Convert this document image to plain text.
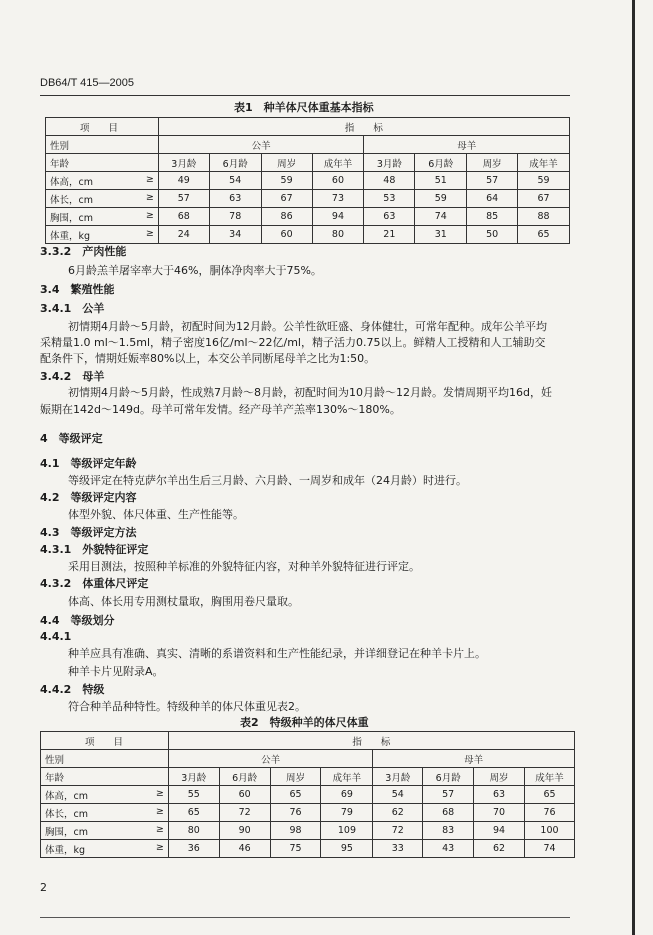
DB64/T 415—2005
表1　种羊体尺体重基本指标
项　　目	指　　标							
性别	公羊				母羊			
年龄	3月龄	6月龄	周岁	成年羊	3月龄	6月龄	周岁	成年羊
体高，cm ≥	49	54	59	60	48	51	57	59
体长，cm ≥	57	63	67	73	53	59	64	67
胸围，cm ≥	68	78	86	94	63	74	85	88
体重，kg ≥	24	34	60	80	21	31	50	65
3.3.2　产肉性能
6月龄羔羊屠宰率大于46%，胴体净肉率大于75%。
3.4　繁殖性能
3.4.1　公羊
初情期4月龄～5月龄，初配时间为12月龄。公羊性欲旺盛、身体健壮，可常年配种。成年公羊平均
采精量1.0 ml～1.5ml，精子密度16亿/ml～22亿/ml，精子活力0.75以上。鲜精人工授精和人工辅助交
配条件下，情期妊娠率80%以上，本交公羊同断尾母羊之比为1:50。
3.4.2　母羊
初情期4月龄～5月龄，性成熟7月龄～8月龄，初配时间为10月龄～12月龄。发情周期平均16d，妊
娠期在142d～149d。母羊可常年发情。经产母羊产羔率130%～180%。
4　等级评定
4.1　等级评定年龄
等级评定在特克萨尔羊出生后三月龄、六月龄、一周岁和成年（24月龄）时进行。
4.2　等级评定内容
体型外貌、体尺体重、生产性能等。
4.3　等级评定方法
4.3.1　外貌特征评定
采用目测法，按照种羊标准的外貌特征内容，对种羊外貌特征进行评定。
4.3.2　体重体尺评定
体高、体长用专用测杖量取，胸围用卷尺量取。
4.4　等级划分
4.4.1
种羊应具有准确、真实、清晰的系谱资料和生产性能纪录，并详细登记在种羊卡片上。
种羊卡片见附录A。
4.4.2　特级
符合种羊品种特性。特级种羊的体尺体重见表2。
表2　特级种羊的体尺体重
项　　目	指　　标							
性别	公羊				母羊			
年龄	3月龄	6月龄	周岁	成年羊	3月龄	6月龄	周岁	成年羊
体高，cm ≥	55	60	65	69	54	57	63	65
体长，cm ≥	65	72	76	79	62	68	70	76
胸围，cm ≥	80	90	98	109	72	83	94	100
体重，kg ≥	36	46	75	95	33	43	62	74
2
